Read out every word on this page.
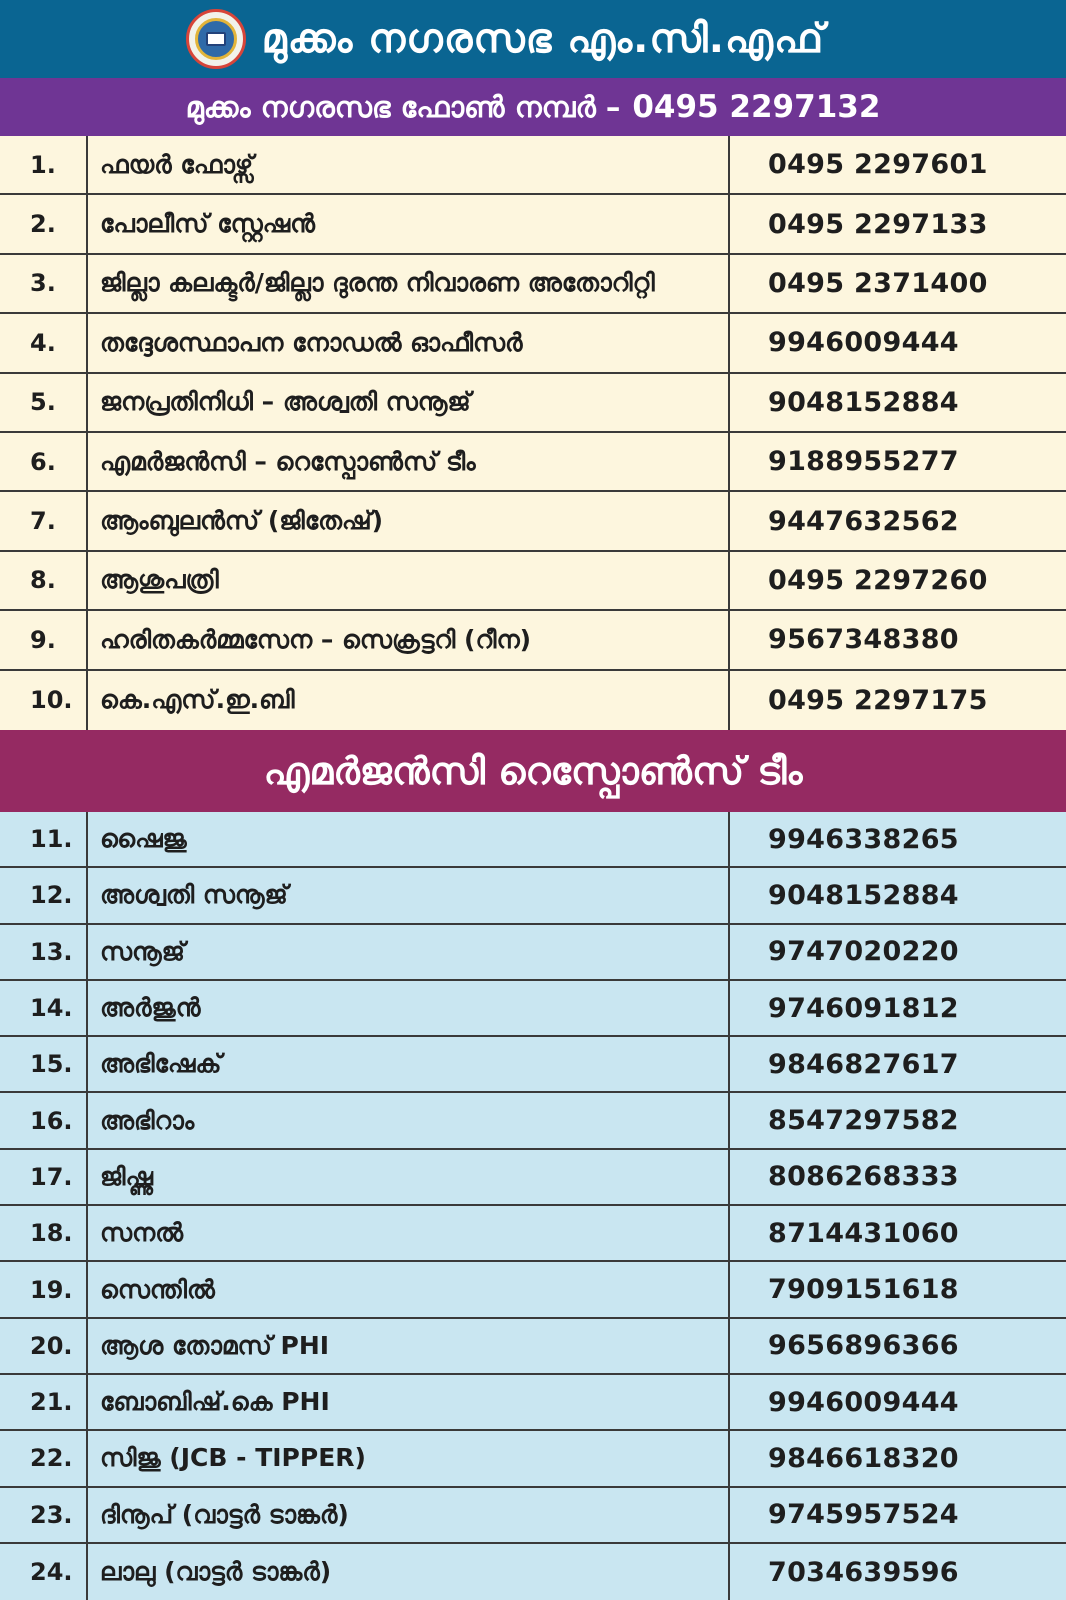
മുക്കം നഗരസഭ എം.സി.എഫ്
മുക്കം നഗരസഭ ഫോൺ നമ്പർ – 0495 2297132
1.	ഫയർ ഫോഴ്സ്	0495 2297601
2.	പോലീസ് സ്റ്റേഷൻ	0495 2297133
3.	ജില്ലാ കലക്ടർ/ജില്ലാ ദുരന്ത നിവാരണ അതോറിറ്റി	0495 2371400
4.	തദ്ദേശസ്ഥാപന നോഡൽ ഓഫീസർ	9946009444
5.	ജനപ്രതിനിധി – അശ്വതി സനൂജ്	9048152884
6.	എമർജൻസി – റെസ്പോൺസ് ടീം	9188955277
7.	ആംബുലൻസ് (ജിതേഷ്)	9447632562
8.	ആശുപത്രി	0495 2297260
9.	ഹരിതകർമ്മസേന – സെക്രട്ടറി (റീന)	9567348380
10.	കെ.എസ്.ഇ.ബി	0495 2297175
എമർജൻസി റെസ്പോൺസ് ടീം
11.	ഷൈജു	9946338265
12.	അശ്വതി സനൂജ്	9048152884
13.	സനൂജ്	9747020220
14.	അർജുൻ	9746091812
15.	അഭിഷേക്	9846827617
16.	അഭിറാം	8547297582
17.	ജിഷ്ണു	8086268333
18.	സനൽ	8714431060
19.	സെന്തിൽ	7909151618
20.	ആശ തോമസ് PHI	9656896366
21.	ബോബിഷ്.കെ PHI	9946009444
22.	സിജു (JCB - TIPPER)	9846618320
23.	ദിനൂപ് (വാട്ടർ ടാങ്കർ)	9745957524
24.	ലാലു (വാട്ടർ ടാങ്കർ)	7034639596
